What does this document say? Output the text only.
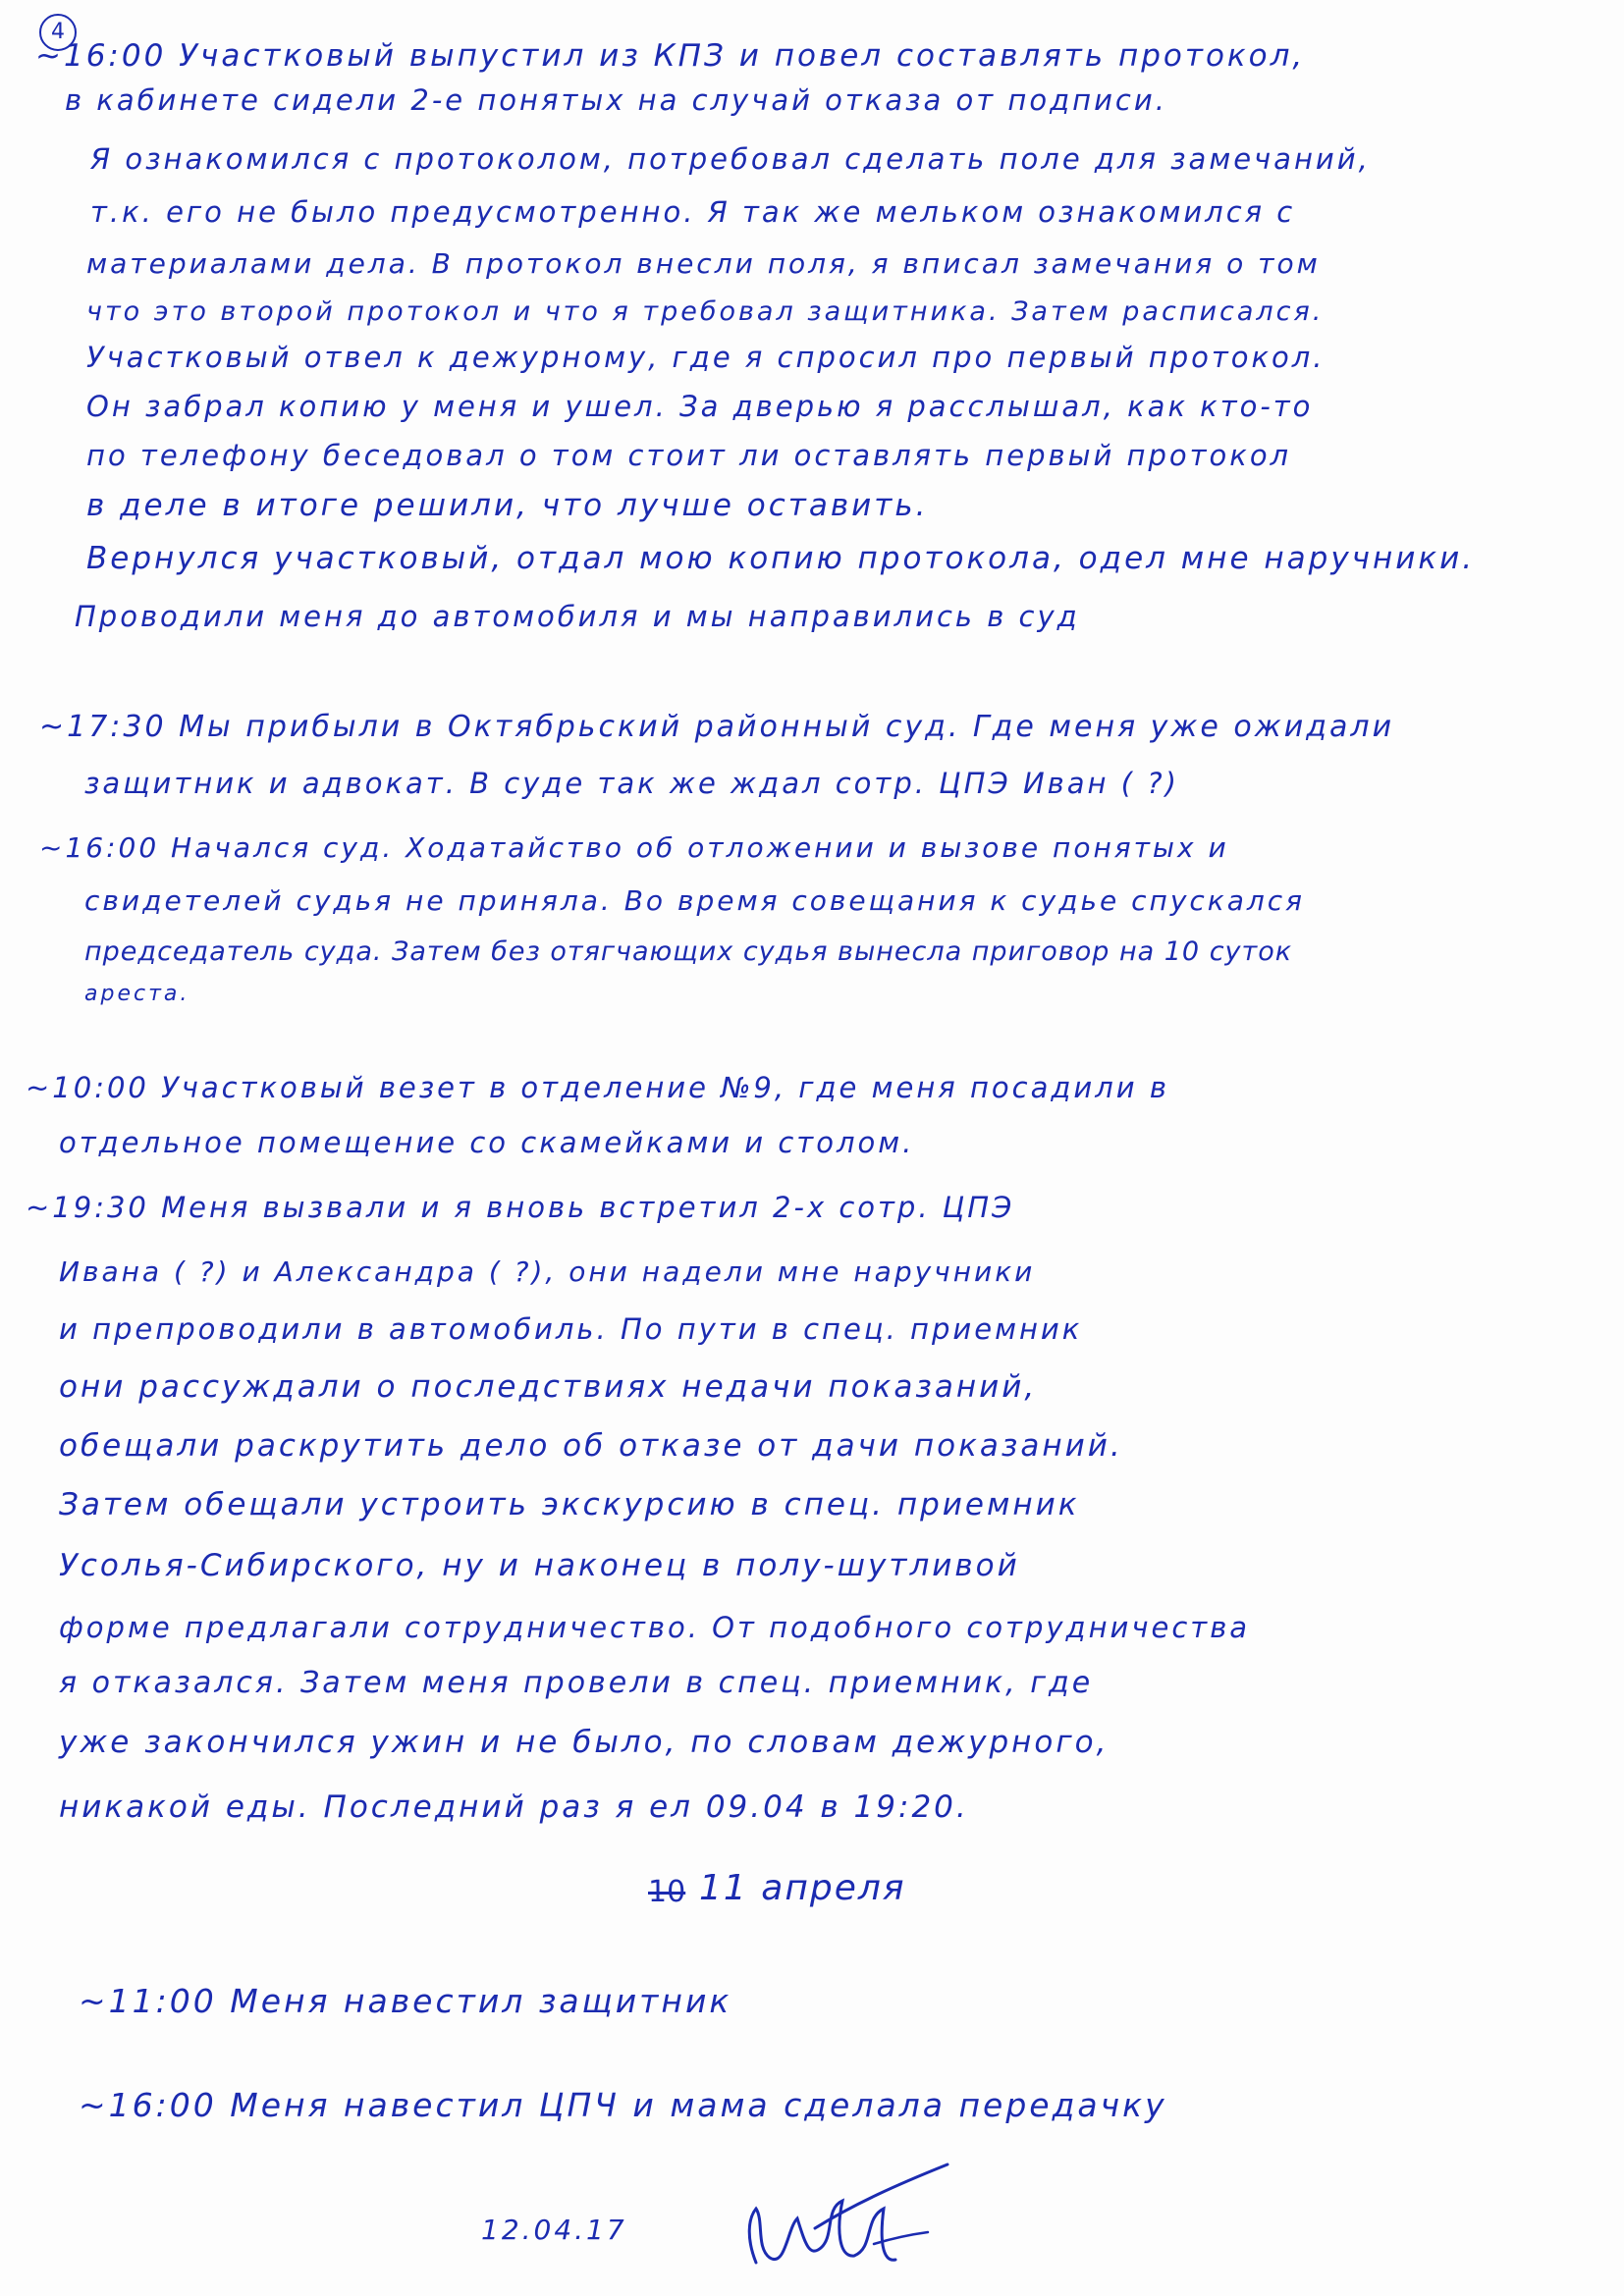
4
~16:00 Участковый выпустил из КПЗ и повел составлять протокол,
в кабинете сидели 2-е понятых на случай отказа от подписи.
Я ознакомился с протоколом, потребовал сделать поле для замечаний,
т.к. его не было предусмотренно. Я так же мельком ознакомился с
материалами дела. В протокол внесли поля, я вписал замечания о том
что это второй протокол и что я требовал защитника. Затем расписался.
Участковый отвел к дежурному, где я спросил про первый протокол.
Он забрал копию у меня и ушел. За дверью я расслышал, как кто-то
по телефону беседовал о том стоит ли оставлять первый протокол
в деле в итоге решили, что лучше оставить.
Вернулся участковый, отдал мою копию протокола, одел мне наручники.
Проводили меня до автомобиля и мы направились в суд
~17:30 Мы прибыли в Октябрьский районный суд. Где меня уже ожидали
защитник и адвокат. В суде так же ждал сотр. ЦПЭ Иван ( ?)
~16:00 Начался суд. Ходатайство об отложении и вызове понятых и
свидетелей судья не приняла. Во время совещания к судье спускался
председатель суда. Затем без отягчающих судья вынесла приговор на 10 суток
ареста.
~10:00 Участковый везет в отделение №9, где меня посадили в
отдельное помещение со скамейками и столом.
~19:30 Меня вызвали и я вновь встретил 2-х сотр. ЦПЭ
Ивана ( ?) и Александра ( ?), они надели мне наручники
и препроводили в автомобиль. По пути в спец. приемник
они рассуждали о последствиях недачи показаний,
обещали раскрутить дело об отказе от дачи показаний.
Затем обещали устроить экскурсию в спец. приемник
Усолья-Сибирского, ну и наконец в полу-шутливой
форме предлагали сотрудничество. От подобного сотрудничества
я отказался. Затем меня провели в спец. приемник, где
уже закончился ужин и не было, по словам дежурного,
никакой еды. Последний раз я ел 09.04 в 19:20.
10 11 апреля
~11:00 Меня навестил защитник
~16:00 Меня навестил ЦПЧ и мама сделала передачку
12.04.17
